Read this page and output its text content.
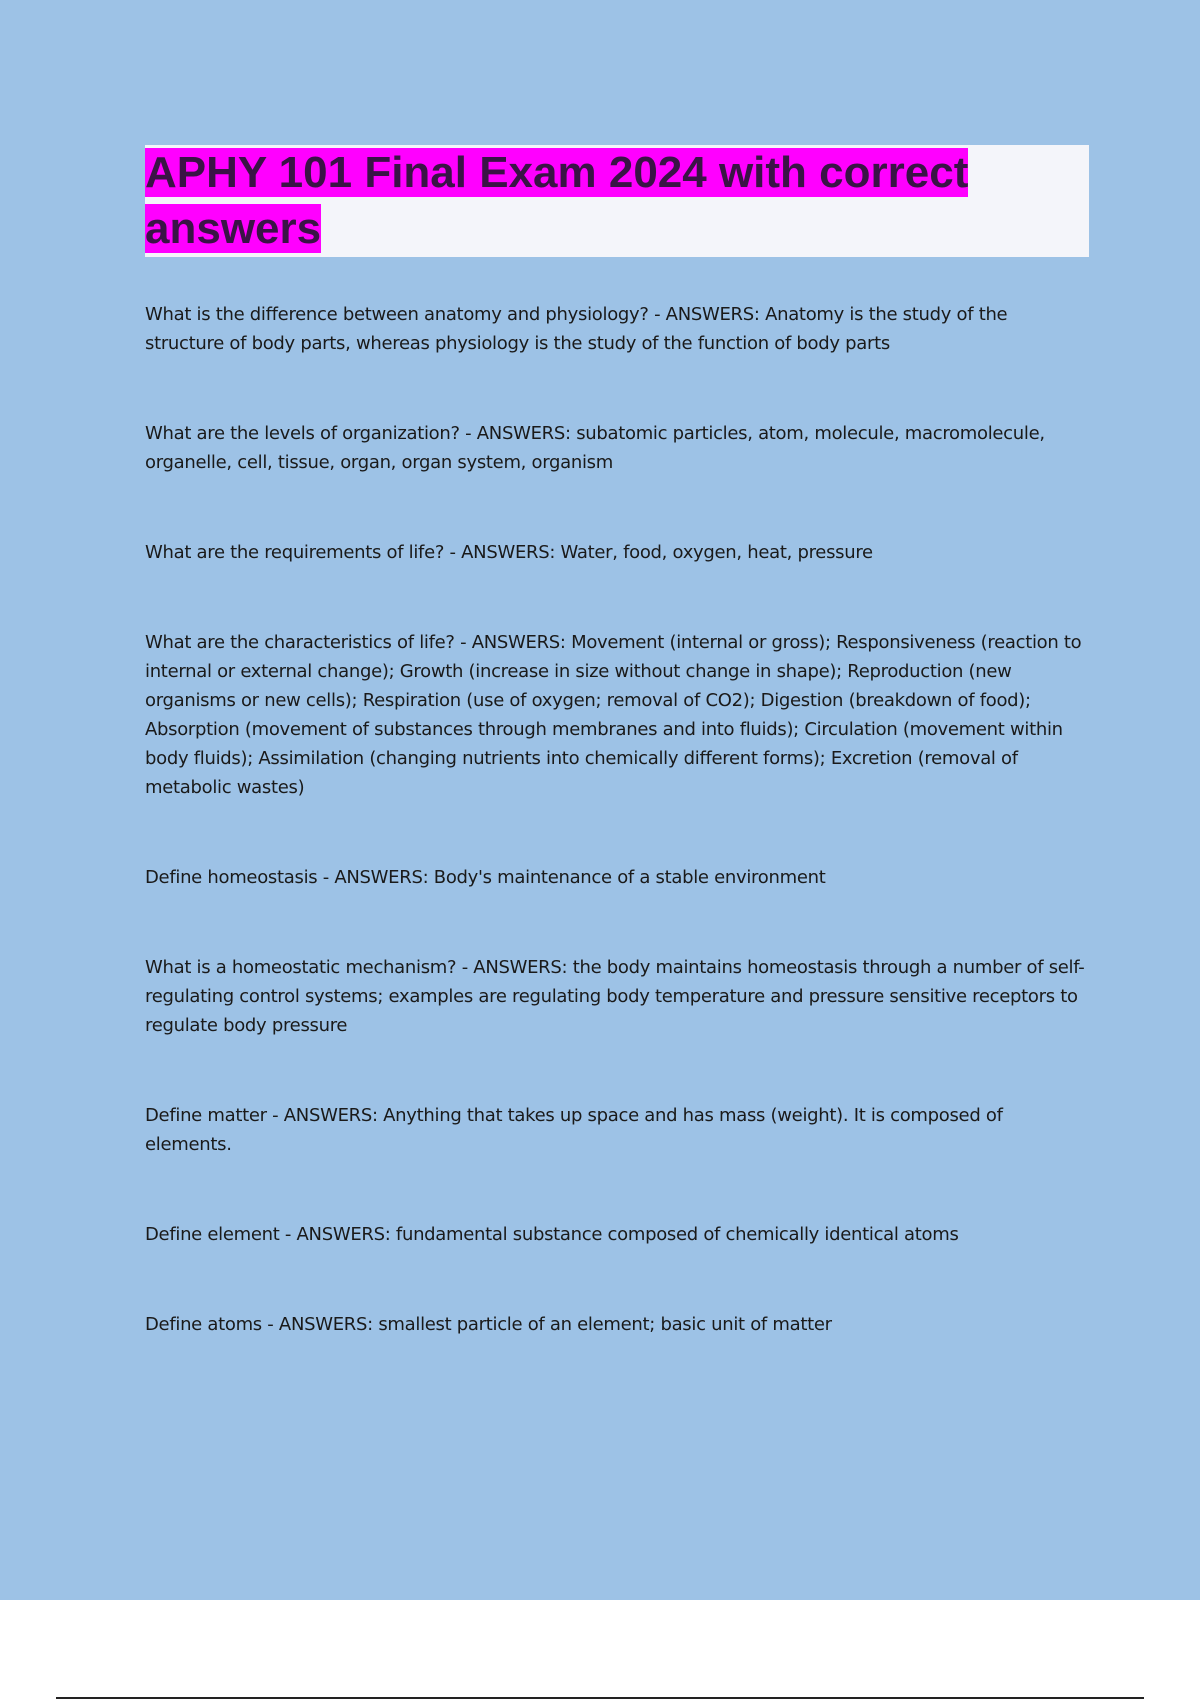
APHY 101 Final Exam 2024 with correct answers

What is the difference between anatomy and physiology? - ANSWERS: Anatomy is the study of the structure of body parts, whereas physiology is the study of the function of body parts

What are the levels of organization? - ANSWERS: subatomic particles, atom, molecule, macromolecule, organelle, cell, tissue, organ, organ system, organism

What are the requirements of life? - ANSWERS: Water, food, oxygen, heat, pressure

What are the characteristics of life? - ANSWERS: Movement (internal or gross); Responsiveness (reaction to internal or external change); Growth (increase in size without change in shape); Reproduction (new organisms or new cells); Respiration (use of oxygen; removal of CO2); Digestion (breakdown of food); Absorption (movement of substances through membranes and into fluids); Circulation (movement within body fluids); Assimilation (changing nutrients into chemically different forms); Excretion (removal of metabolic wastes)

Define homeostasis - ANSWERS: Body's maintenance of a stable environment

What is a homeostatic mechanism? - ANSWERS: the body maintains homeostasis through a number of self-regulating control systems; examples are regulating body temperature and pressure sensitive receptors to regulate body pressure

Define matter - ANSWERS: Anything that takes up space and has mass (weight). It is composed of elements.

Define element - ANSWERS: fundamental substance composed of chemically identical atoms

Define atoms - ANSWERS: smallest particle of an element; basic unit of matter
